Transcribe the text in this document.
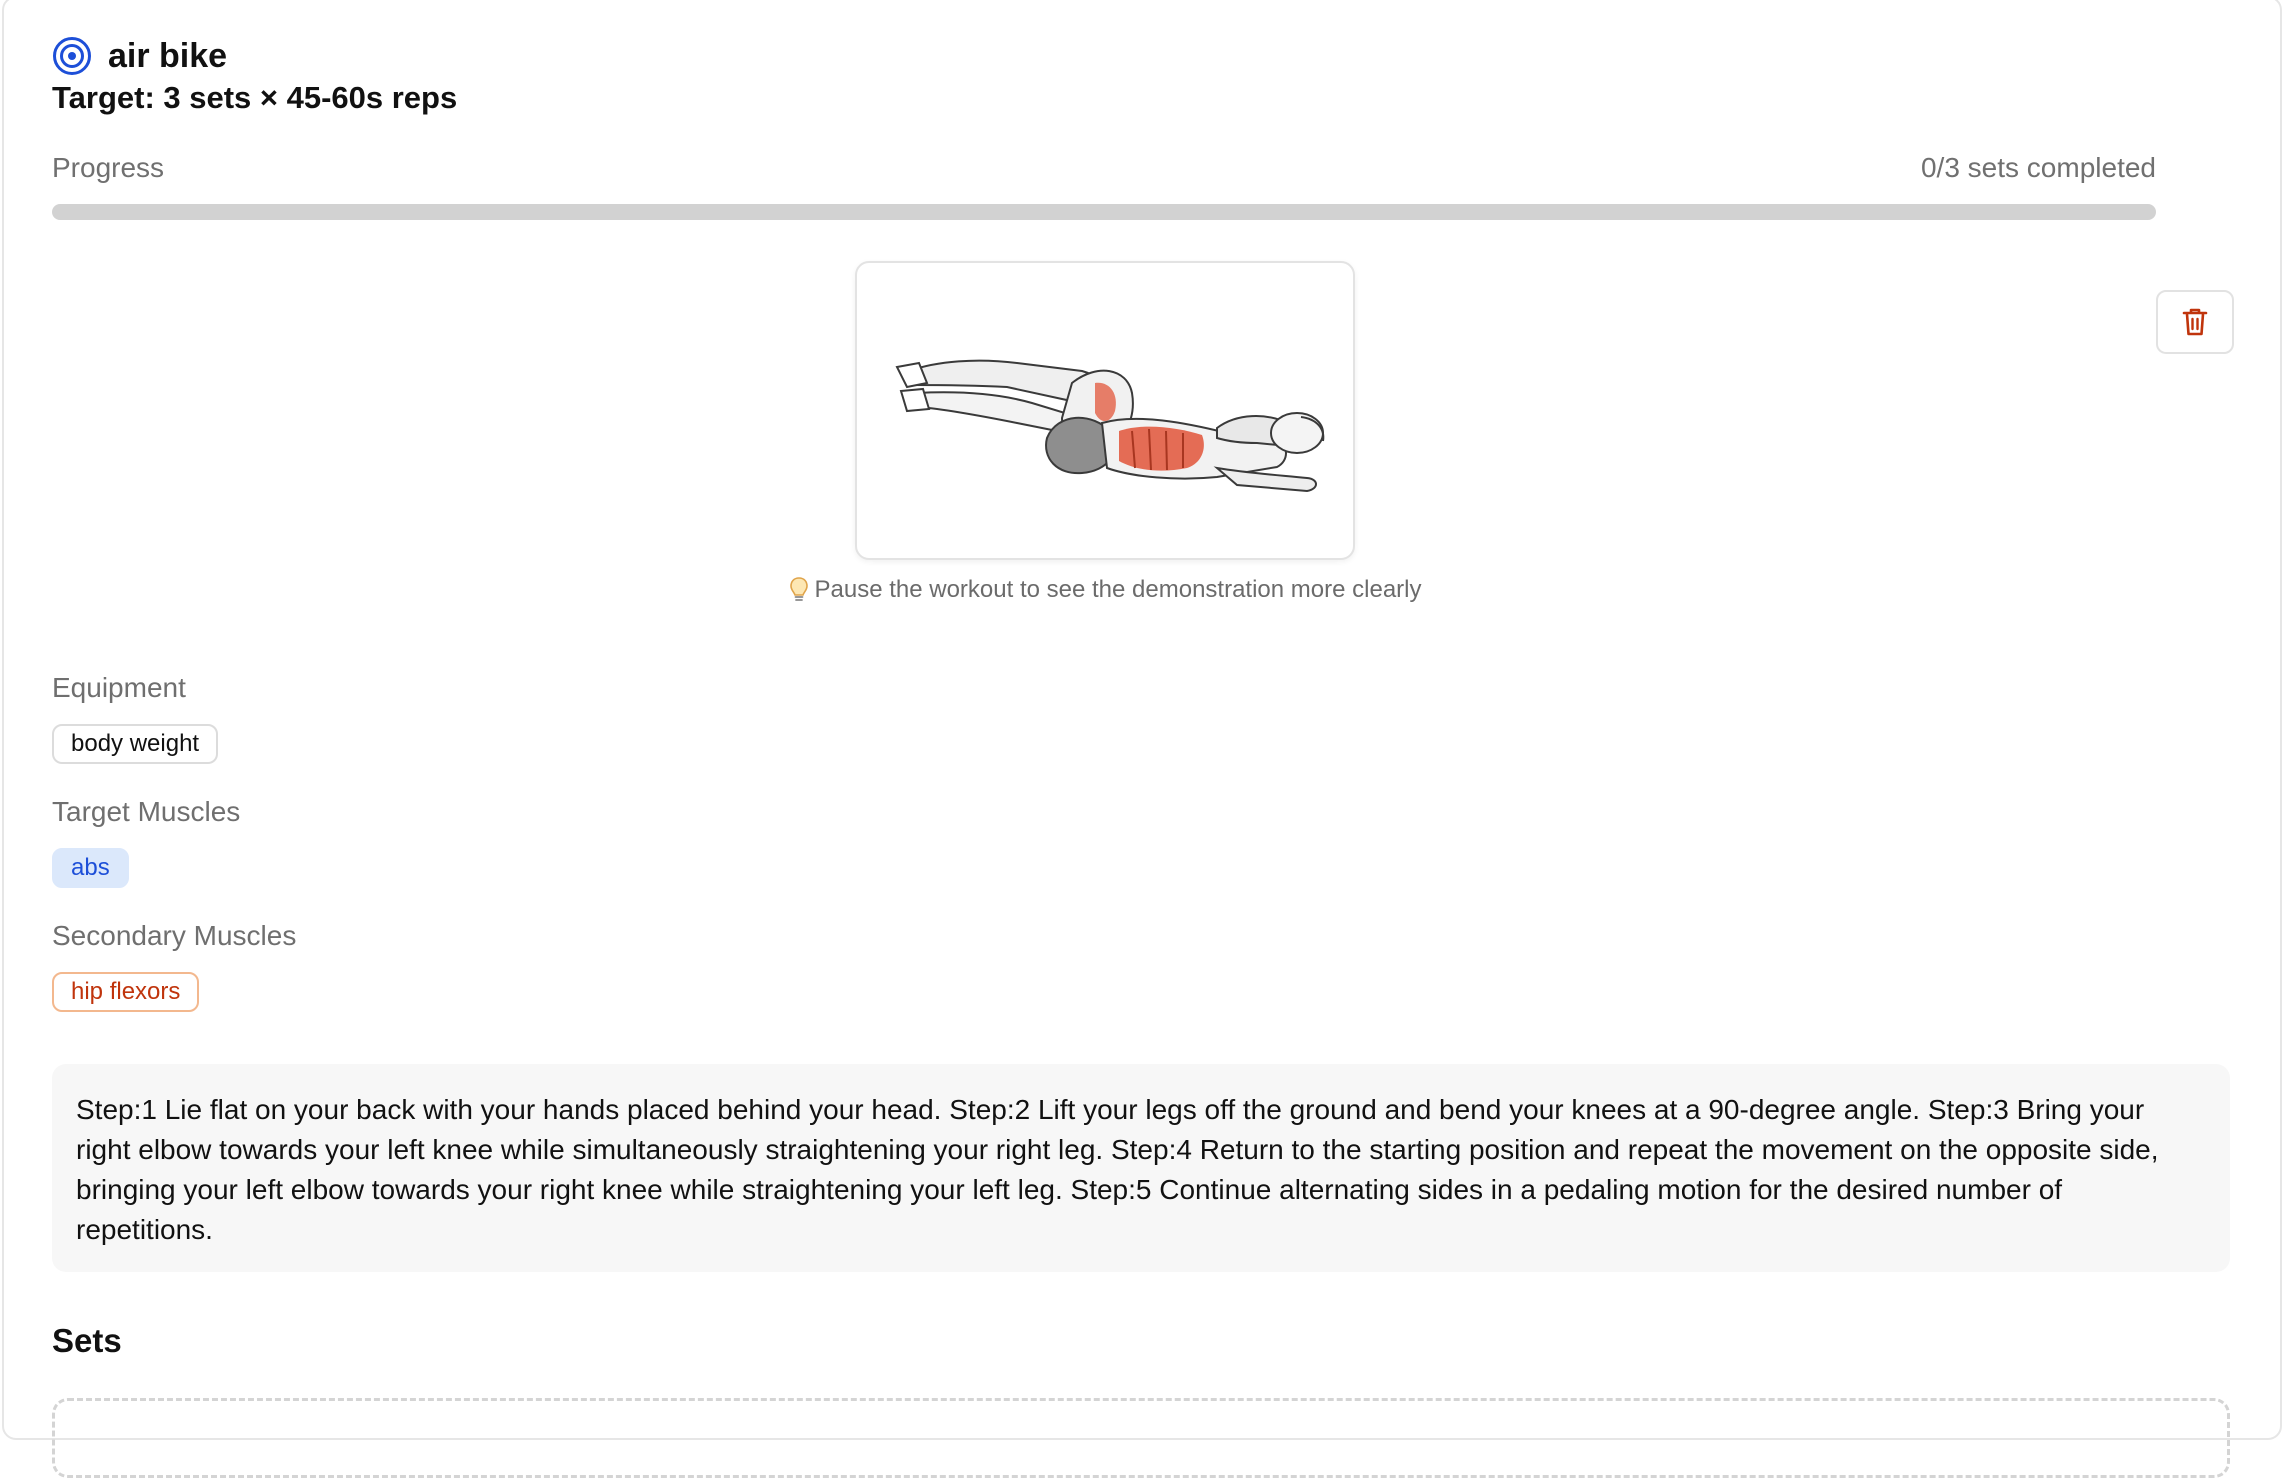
air bike
Target: 3 sets × 45-60s reps
Progress	0/3 sets completed
Pause the workout to see the demonstration more clearly
Equipment
body weight
Target Muscles
abs
Secondary Muscles
hip flexors
Step:1 Lie flat on your back with your hands placed behind your head. Step:2 Lift your legs off the ground and bend your knees at a 90-degree angle. Step:3 Bring your right elbow towards your left knee while simultaneously straightening your right leg. Step:4 Return to the starting position and repeat the movement on the opposite side, bringing your left elbow towards your right knee while straightening your left leg. Step:5 Continue alternating sides in a pedaling motion for the desired number of repetitions.
Sets
